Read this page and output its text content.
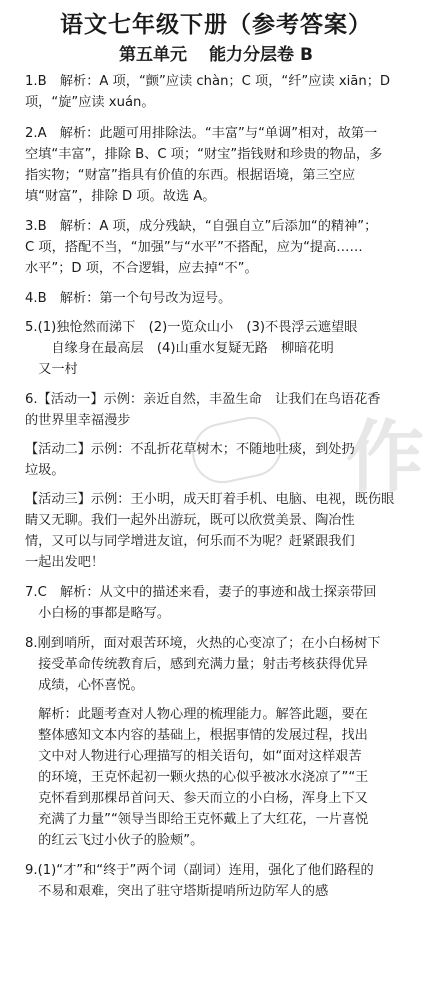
语文七年级下册（参考答案）
第五单元 能力分层卷 B
1.B　解析：A 项，“颤”应读 chàn；C 项，“纤”应读 xiān；D
项，“旋”应读 xuán。
2.A　解析：此题可用排除法。“丰富”与“单调”相对，故第一
空填“丰富”，排除 B、C 项；“财宝”指钱财和珍贵的物品，多
指实物；“财富”指具有价值的东西。根据语境，第三空应
填“财富”，排除 D 项。故选 A。
3.B　解析：A 项，成分残缺，“自强自立”后添加“的精神”；
C 项，搭配不当，“加强”与“水平”不搭配，应为“提高……
水平”；D 项，不合逻辑，应去掉“不”。
4.B　解析：第一个句号改为逗号。
5.(1)独怆然而涕下　(2)一览众山小　(3)不畏浮云遮望眼
　　自缘身在最高层　(4)山重水复疑无路　柳暗花明
　又一村
6.【活动一】示例：亲近自然，丰盈生命　让我们在鸟语花香
的世界里幸福漫步
【活动二】示例：不乱折花草树木；不随地吐痰，到处扔
垃圾。
【活动三】示例：王小明，成天盯着手机、电脑、电视，既伤眼
睛又无聊。我们一起外出游玩，既可以欣赏美景、陶冶性
情，又可以与同学增进友谊，何乐而不为呢？赶紧跟我们
一起出发吧！
7.C　解析：从文中的描述来看，妻子的事迹和战士探亲带回
　小白杨的事都是略写。
8.刚到哨所，面对艰苦环境，火热的心变凉了；在小白杨树下
　接受革命传统教育后，感到充满力量；射击考核获得优异
　成绩，心怀喜悦。
　解析：此题考查对人物心理的梳理能力。解答此题，要在
　整体感知文本内容的基础上，根据事情的发展过程，找出
　文中对人物进行心理描写的相关语句，如“面对这样艰苦
　的环境，王克怀起初一颗火热的心似乎被冰水浇凉了”“王
　克怀看到那棵昂首问天、参天而立的小白杨，浑身上下又
　充满了力量”“领导当即给王克怀戴上了大红花，一片喜悦
　的红云飞过小伙子的脸颊”。
9.(1)“才”和“终于”两个词（副词）连用，强化了他们路程的
　不易和艰难，突出了驻守塔斯提哨所边防军人的感
作
